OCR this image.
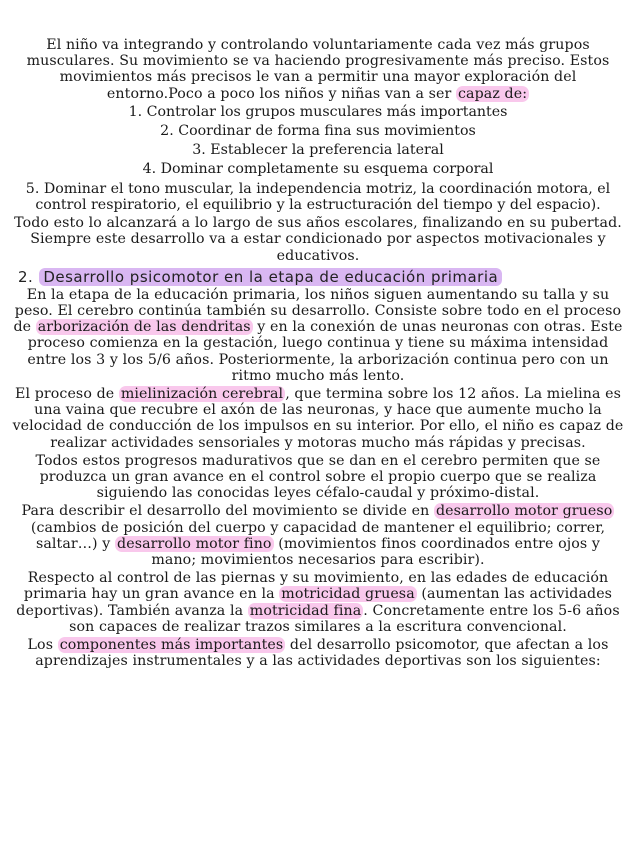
El niño va integrando y controlando voluntariamente cada vez más grupos musculares. Su movimiento se va haciendo progresivamente más preciso. Estos movimientos más precisos le van a permitir una mayor exploración del entorno.Poco a poco los niños y niñas van a ser capaz de:

1. Controlar los grupos musculares más importantes
2. Coordinar de forma fina sus movimientos
3. Establecer la preferencia lateral
4. Dominar completamente su esquema corporal
5. Dominar el tono muscular, la independencia motriz, la coordinación motora, el control respiratorio, el equilibrio y la estructuración del tiempo y del espacio).

Todo esto lo alcanzará a lo largo de sus años escolares, finalizando en su pubertad. Siempre este desarrollo va a estar condicionado por aspectos motivacionales y educativos.

2. Desarrollo psicomotor en la etapa de educación primaria

En la etapa de la educación primaria, los niños siguen aumentando su talla y su peso. El cerebro continúa también su desarrollo. Consiste sobre todo en el proceso de arborización de las dendritas y en la conexión de unas neuronas con otras. Este proceso comienza en la gestación, luego continua y tiene su máxima intensidad entre los 3 y los 5/6 años. Posteriormente, la arborización continua pero con un ritmo mucho más lento.

El proceso de mielinización cerebral , que termina sobre los 12 años. La mielina es una vaina que recubre el axón de las neuronas, y hace que aumente mucho la velocidad de conducción de los impulsos en su interior. Por ello, el niño es capaz de realizar actividades sensoriales y motoras mucho más rápidas y precisas.

Todos estos progresos madurativos que se dan en el cerebro permiten que se produzca un gran avance en el control sobre el propio cuerpo que se realiza siguiendo las conocidas leyes céfalo-caudal y próximo-distal.

Para describir el desarrollo del movimiento se divide en desarrollo motor grueso (cambios de posición del cuerpo y capacidad de mantener el equilibrio; correr, saltar…) y desarrollo motor fino (movimientos finos coordinados entre ojos y mano; movimientos necesarios para escribir).

Respecto al control de las piernas y su movimiento, en las edades de educación primaria hay un gran avance en la motricidad gruesa (aumentan las actividades deportivas). También avanza la motricidad fina . Concretamente entre los 5-6 años son capaces de realizar trazos similares a la escritura convencional.

Los componentes más importantes del desarrollo psicomotor, que afectan a los aprendizajes instrumentales y a las actividades deportivas son los siguientes:
